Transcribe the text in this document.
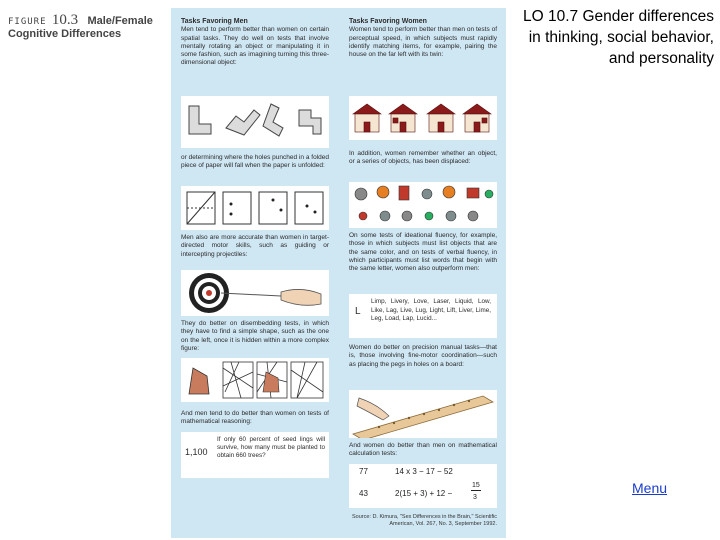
FIGURE 10.3 Male/Female
Cognitive Differences
Tasks Favoring Men
Men tend to perform better than women on certain spatial tasks. They do well on tests that involve mentally rotating an object or manipulating it in some fashion, such as imagining turning this three-dimensional object:
or determining where the holes punched in a folded piece of paper will fall when the paper is unfolded:
Men also are more accurate than women in target-directed motor skills, such as guiding or intercepting projectiles:
They do better on disembedding tests, in which they have to find a simple shape, such as the one on the left, once it is hidden within a more complex figure:
And men tend to do better than women on tests of mathematical reasoning:
1,100
If only 60 percent of seed lings will survive, how many must be planted to obtain 660 trees?
Tasks Favoring Women
Women tend to perform better than men on tests of perceptual speed, in which subjects must rapidly identify matching items, for example, pairing the house on the far left with its twin:
In addition, women remember whether an object, or a series of objects, has been displaced:
On some tests of ideational fluency, for example, those in which subjects must list objects that are the same color, and on tests of verbal fluency, in which participants must list words that begin with the same letter, women also outperform men:
L
Limp, Livery, Love, Laser, Liquid, Low, Like, Lag, Live, Lug, Light, Lift, Liver, Lime, Leg, Load, Lap, Lucid...
Women do better on precision manual tasks—that is, those involving fine-motor coordination—such as placing the pegs in holes on a board:
And women do better than men on mathematical calculation tests:
77	14 x 3 − 17 − 52
43	2(15 + 3) + 12 −
15
3
Source: D. Kimura, "Sex Differences in the Brain," Scientific American, Vol. 267, No. 3, September 1992.
LO 10.7 Gender differences in thinking, social behavior, and personality
Menu
